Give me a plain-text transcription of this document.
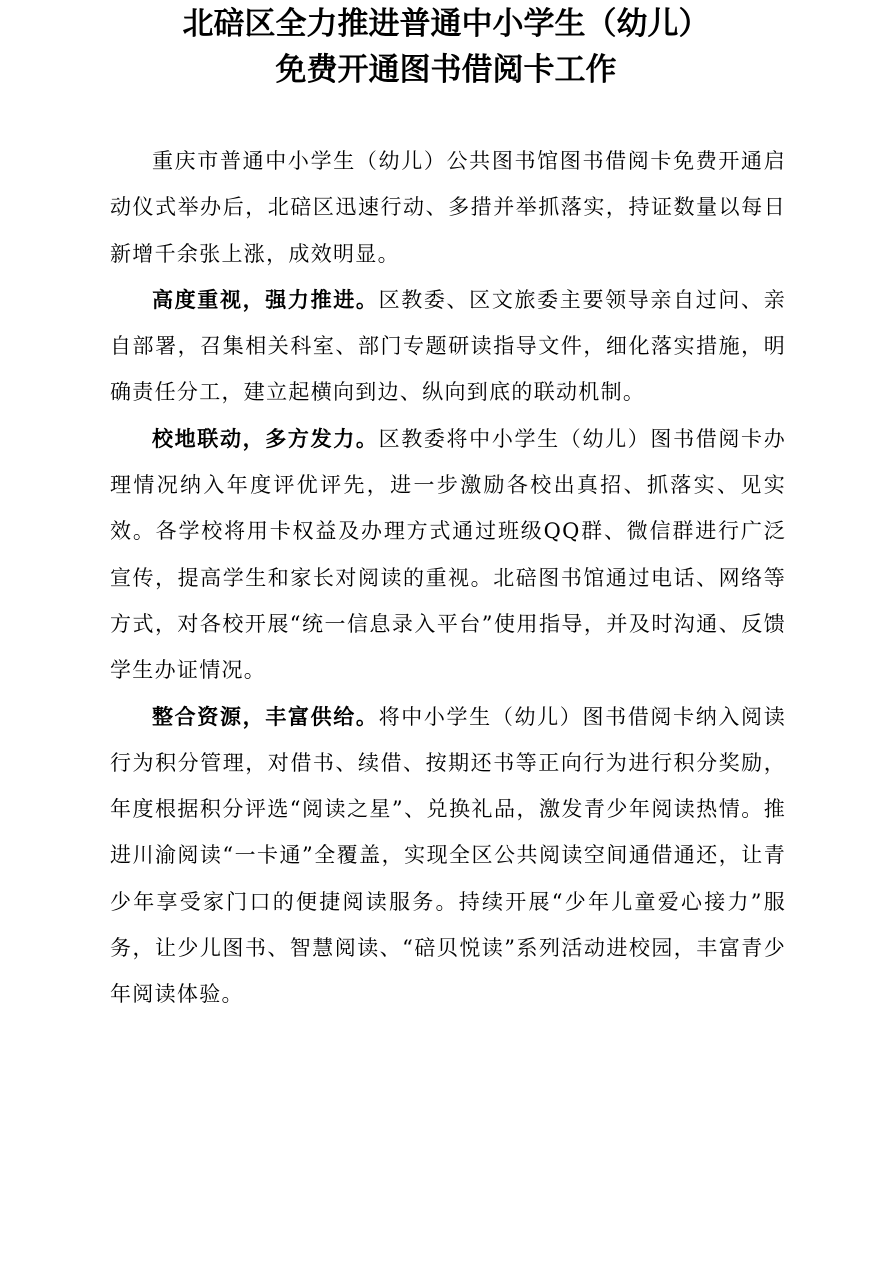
北碚区全力推进普通中小学生（幼儿）
免费开通图书借阅卡工作

重庆市普通中小学生（幼儿）公共图书馆图书借阅卡免费开通启动仪式举办后，北碚区迅速行动、多措并举抓落实，持证数量以每日新增千余张上涨，成效明显。

高度重视，强力推进。区教委、区文旅委主要领导亲自过问、亲自部署，召集相关科室、部门专题研读指导文件，细化落实措施，明确责任分工，建立起横向到边、纵向到底的联动机制。

校地联动，多方发力。区教委将中小学生（幼儿）图书借阅卡办理情况纳入年度评优评先，进一步激励各校出真招、抓落实、见实效。各学校将用卡权益及办理方式通过班级QQ群、微信群进行广泛宣传，提高学生和家长对阅读的重视。北碚图书馆通过电话、网络等方式，对各校开展“统一信息录入平台”使用指导，并及时沟通、反馈学生办证情况。

整合资源，丰富供给。将中小学生（幼儿）图书借阅卡纳入阅读行为积分管理，对借书、续借、按期还书等正向行为进行积分奖励，年度根据积分评选“阅读之星”、兑换礼品，激发青少年阅读热情。推进川渝阅读“一卡通”全覆盖，实现全区公共阅读空间通借通还，让青少年享受家门口的便捷阅读服务。持续开展“少年儿童爱心接力”服务，让少儿图书、智慧阅读、“碚贝悦读”系列活动进校园，丰富青少年阅读体验。
